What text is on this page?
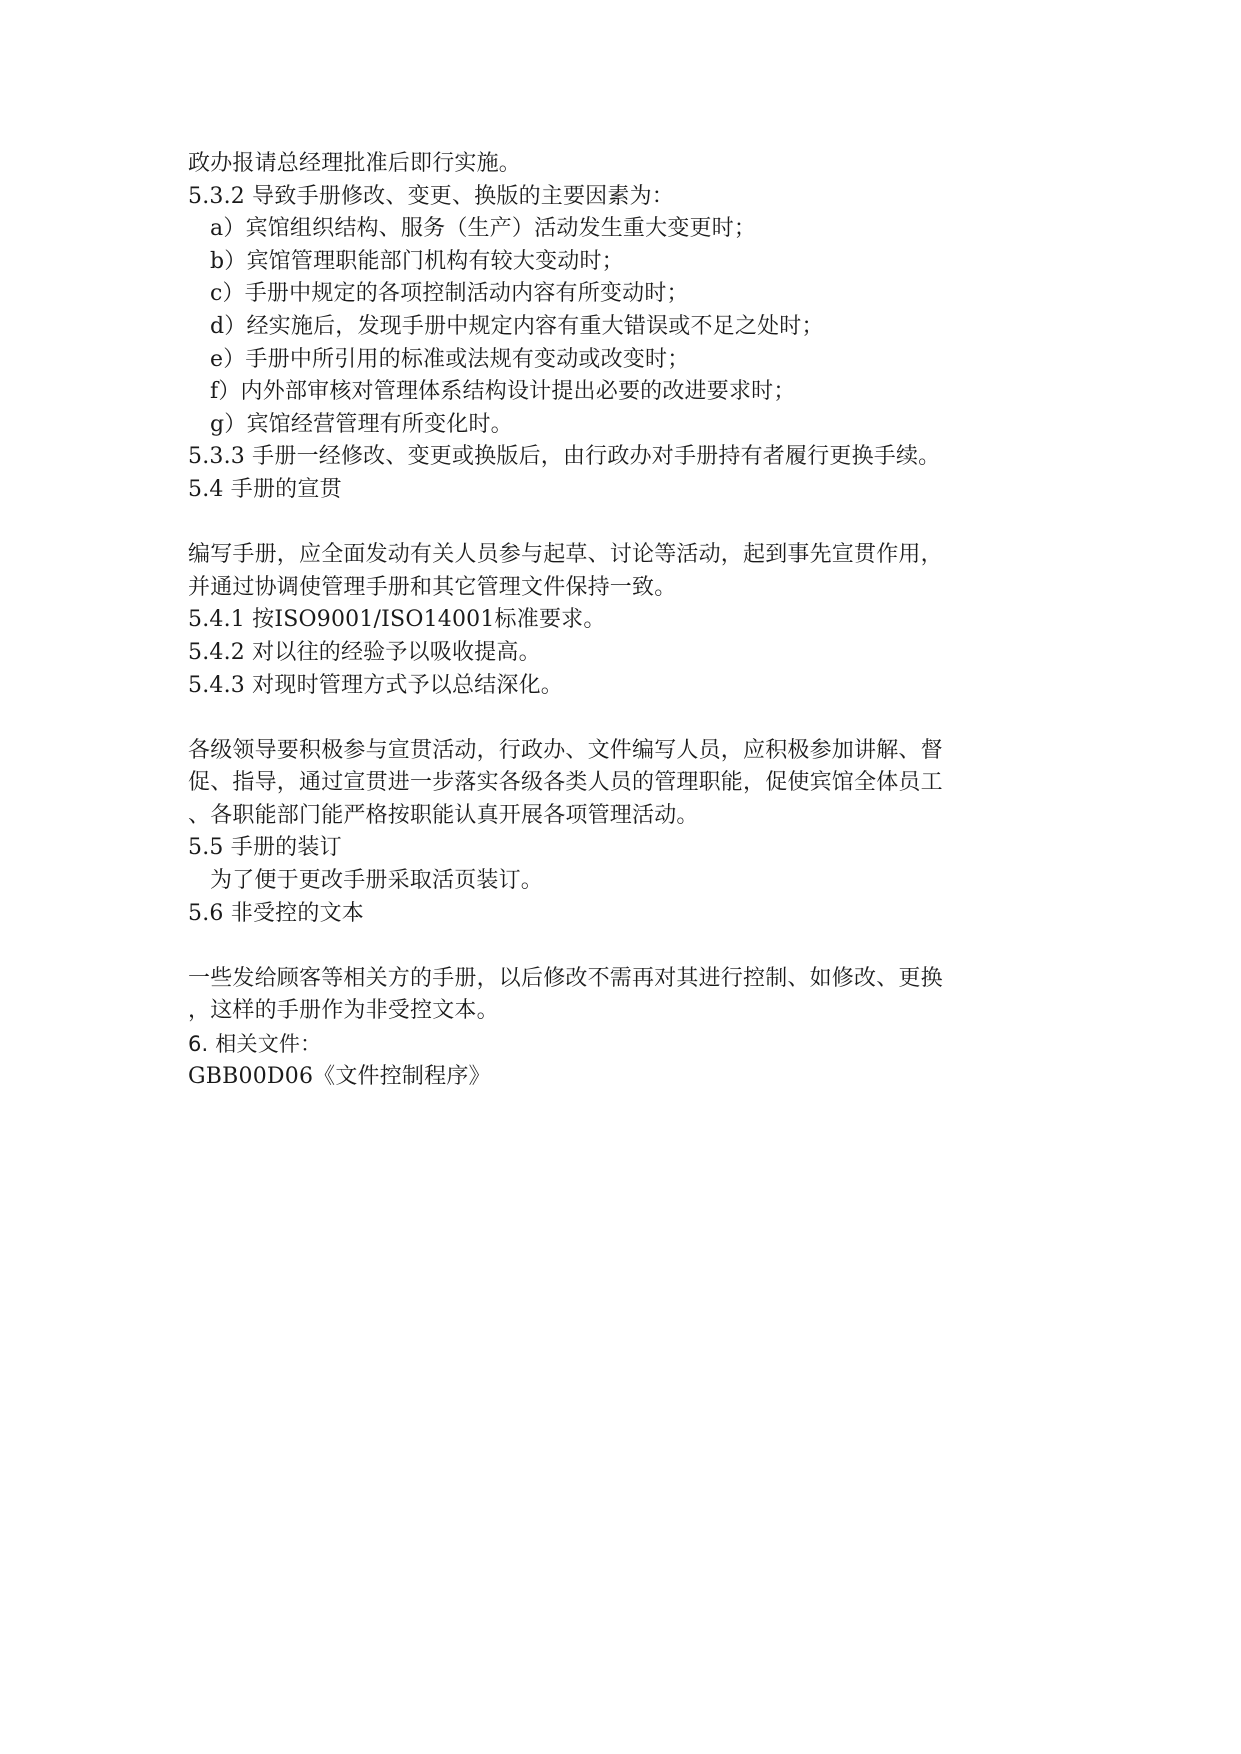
政办报请总经理批准后即行实施。
5.3.2 导致手册修改、变更、换版的主要因素为：
a）宾馆组织结构、服务（生产）活动发生重大变更时；
b）宾馆管理职能部门机构有较大变动时；
c）手册中规定的各项控制活动内容有所变动时；
d）经实施后，发现手册中规定内容有重大错误或不足之处时；
e）手册中所引用的标准或法规有变动或改变时；
f）内外部审核对管理体系结构设计提出必要的改进要求时；
g）宾馆经营管理有所变化时。
5.3.3 手册一经修改、变更或换版后，由行政办对手册持有者履行更换手续。
5.4 手册的宣贯
编写手册，应全面发动有关人员参与起草、讨论等活动，起到事先宣贯作用，
并通过协调使管理手册和其它管理文件保持一致。
5.4.1 按ISO9001/ISO14001标准要求。
5.4.2 对以往的经验予以吸收提高。
5.4.3 对现时管理方式予以总结深化。
各级领导要积极参与宣贯活动，行政办、文件编写人员，应积极参加讲解、督
促、指导，通过宣贯进一步落实各级各类人员的管理职能，促使宾馆全体员工
、各职能部门能严格按职能认真开展各项管理活动。
5.5 手册的装订
为了便于更改手册采取活页装订。
5.6 非受控的文本
一些发给顾客等相关方的手册，以后修改不需再对其进行控制、如修改、更换
，这样的手册作为非受控文本。
6. 相关文件：
GBB00D06《文件控制程序》
